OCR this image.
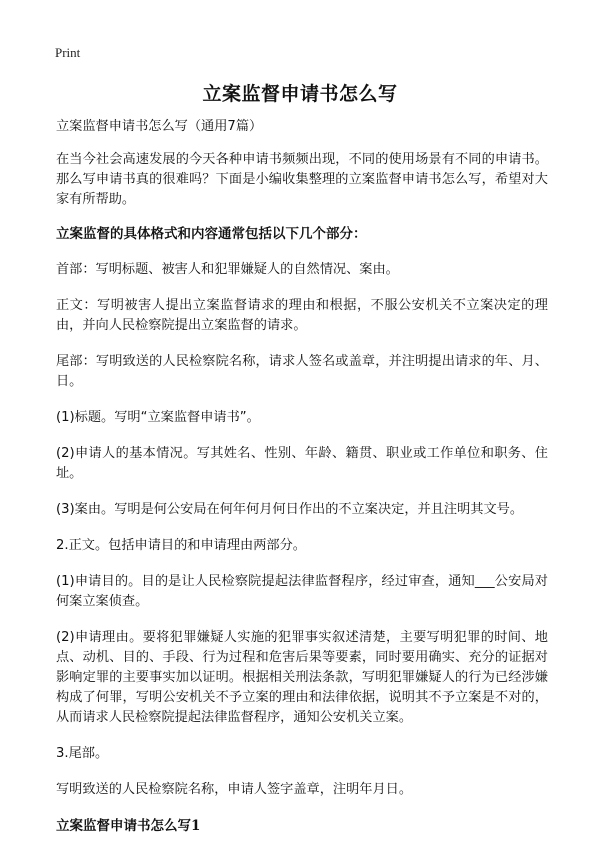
Print
立案监督申请书怎么写

立案监督申请书怎么写（通用7篇）

在当今社会高速发展的今天各种申请书频频出现，不同的使用场景有不同的申请书。那么写申请书真的很难吗？下面是小编收集整理的立案监督申请书怎么写，希望对大家有所帮助。

立案监督的具体格式和内容通常包括以下几个部分：

首部：写明标题、被害人和犯罪嫌疑人的自然情况、案由。

正文：写明被害人提出立案监督请求的理由和根据，不服公安机关不立案决定的理由，并向人民检察院提出立案监督的请求。

尾部：写明致送的人民检察院名称，请求人签名或盖章，并注明提出请求的年、月、日。

(1)标题。写明“立案监督申请书”。

(2)申请人的基本情况。写其姓名、性别、年龄、籍贯、职业或工作单位和职务、住址。

(3)案由。写明是何公安局在何年何月何日作出的不立案决定，并且注明其文号。

2.正文。包括申请目的和申请理由两部分。

(1)申请目的。目的是让人民检察院提起法律监督程序，经过审查，通知___公安局对何案立案侦查。

(2)申请理由。要将犯罪嫌疑人实施的犯罪事实叙述清楚，主要写明犯罪的时间、地点、动机、目的、手段、行为过程和危害后果等要素，同时要用确实、充分的证据对影响定罪的主要事实加以证明。根据相关刑法条款，写明犯罪嫌疑人的行为已经涉嫌构成了何罪，写明公安机关不予立案的理由和法律依据，说明其不予立案是不对的，从而请求人民检察院提起法律监督程序，通知公安机关立案。

3.尾部。

写明致送的人民检察院名称，申请人签字盖章，注明年月日。

立案监督申请书怎么写1
